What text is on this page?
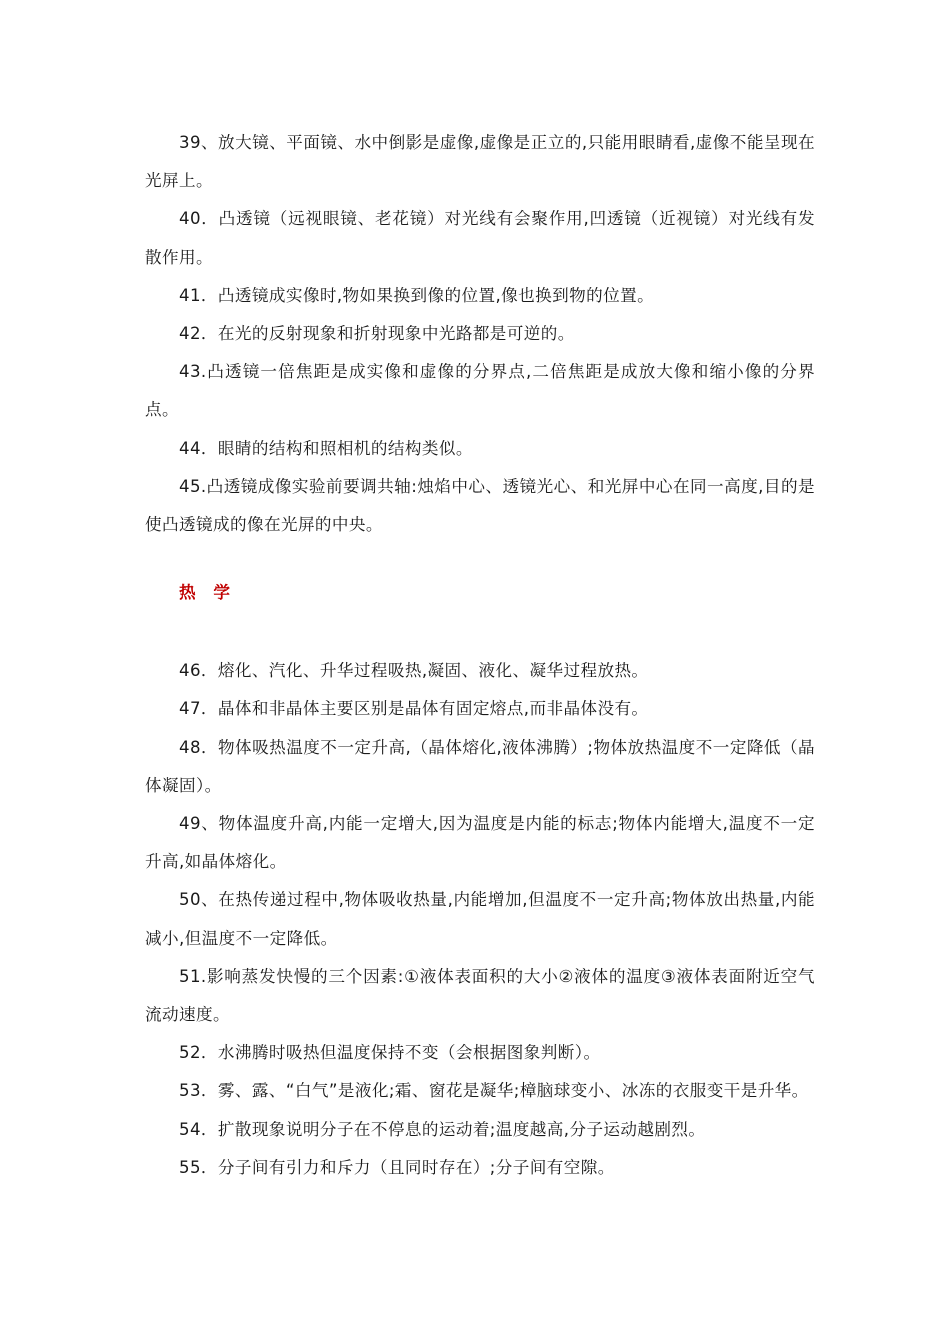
39、放大镜、平面镜、水中倒影是虚像,虚像是正立的,只能用眼睛看,虚像不能呈现在光屏上。

40．凸透镜（远视眼镜、老花镜）对光线有会聚作用,凹透镜（近视镜）对光线有发散作用。

41．凸透镜成实像时,物如果换到像的位置,像也换到物的位置。

42．在光的反射现象和折射现象中光路都是可逆的。

43.凸透镜一倍焦距是成实像和虚像的分界点,二倍焦距是成放大像和缩小像的分界点。

44．眼睛的结构和照相机的结构类似。

45.凸透镜成像实验前要调共轴:烛焰中心、透镜光心、和光屏中心在同一高度,目的是使凸透镜成的像在光屏的中央。

热 学

46．熔化、汽化、升华过程吸热,凝固、液化、凝华过程放热。

47．晶体和非晶体主要区别是晶体有固定熔点,而非晶体没有。

48．物体吸热温度不一定升高,（晶体熔化,液体沸腾）;物体放热温度不一定降低（晶体凝固）。

49、物体温度升高,内能一定增大,因为温度是内能的标志;物体内能增大,温度不一定升高,如晶体熔化。

50、在热传递过程中,物体吸收热量,内能增加,但温度不一定升高;物体放出热量,内能减小,但温度不一定降低。

51.影响蒸发快慢的三个因素:①液体表面积的大小②液体的温度③液体表面附近空气流动速度。

52．水沸腾时吸热但温度保持不变（会根据图象判断）。

53．雾、露、“白气”是液化;霜、窗花是凝华;樟脑球变小、冰冻的衣服变干是升华。

54．扩散现象说明分子在不停息的运动着;温度越高,分子运动越剧烈。

55．分子间有引力和斥力（且同时存在）;分子间有空隙。
